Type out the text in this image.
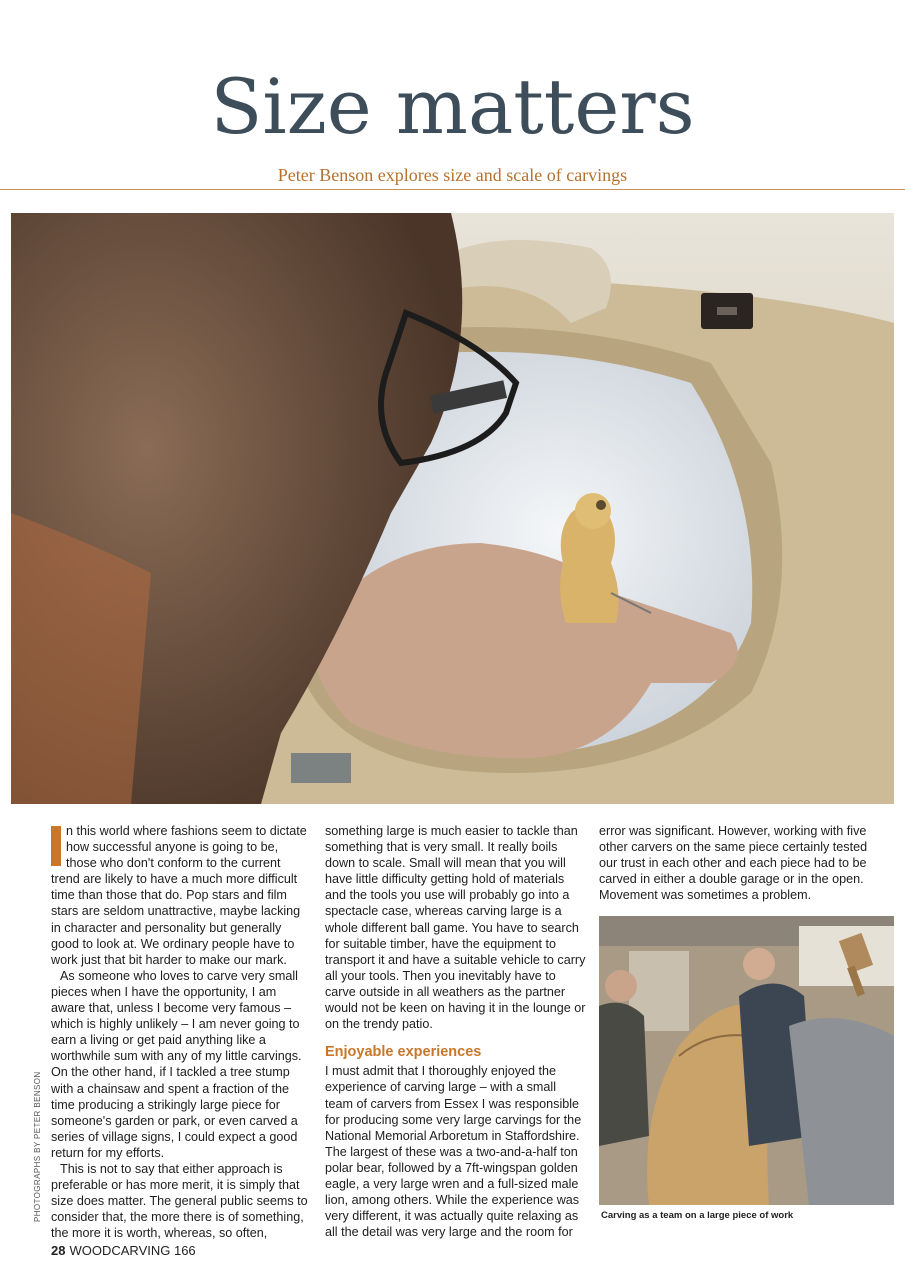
Size matters
Peter Benson explores size and scale of carvings

n this world where fashions seem to dictate how successful anyone is going to be, those who don't conform to the current trend are likely to have a much more difficult time than those that do. Pop stars and film stars are seldom unattractive, maybe lacking in character and personality but generally good to look at. We ordinary people have to work just that bit harder to make our mark.

As someone who loves to carve very small pieces when I have the opportunity, I am aware that, unless I become very famous – which is highly unlikely – I am never going to earn a living or get paid anything like a worthwhile sum with any of my little carvings. On the other hand, if I tackled a tree stump with a chainsaw and spent a fraction of the time producing a strikingly large piece for someone's garden or park, or even carved a series of village signs, I could expect a good return for my efforts.

This is not to say that either approach is preferable or has more merit, it is simply that size does matter. The general public seems to consider that, the more there is of something, the more it is worth, whereas, so often,

something large is much easier to tackle than something that is very small. It really boils down to scale. Small will mean that you will have little difficulty getting hold of materials and the tools you use will probably go into a spectacle case, whereas carving large is a whole different ball game. You have to search for suitable timber, have the equipment to transport it and have a suitable vehicle to carry all your tools. Then you inevitably have to carve outside in all weathers as the partner would not be keen on having it in the lounge or on the trendy patio.

Enjoyable experiences

I must admit that I thoroughly enjoyed the experience of carving large – with a small team of carvers from Essex I was responsible for producing some very large carvings for the National Memorial Arboretum in Staffordshire. The largest of these was a two-and-a-half ton polar bear, followed by a 7ft-wingspan golden eagle, a very large wren and a full-sized male lion, among others. While the experience was very different, it was actually quite relaxing as all the detail was very large and the room for

error was significant. However, working with five other carvers on the same piece certainly tested our trust in each other and each piece had to be carved in either a double garage or in the open. Movement was sometimes a problem.

Carving as a team on a large piece of work
PHOTOGRAPHS BY PETER BENSON
28 WOODCARVING 166
